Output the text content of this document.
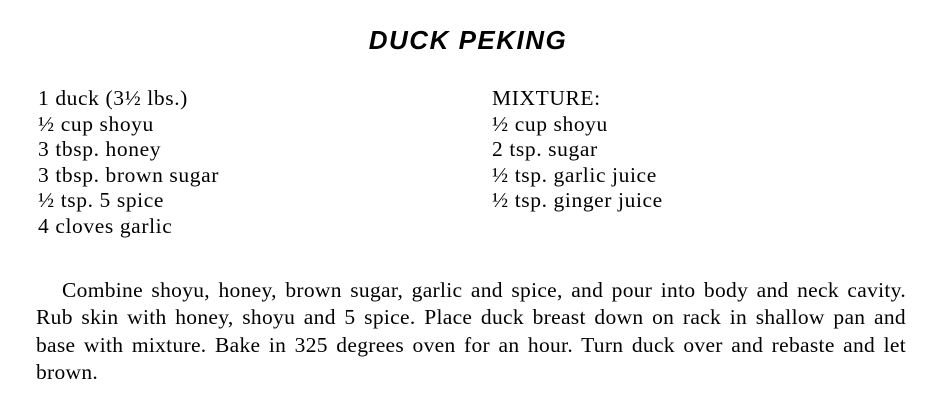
DUCK PEKING
1 duck (3½ lbs.)
½ cup shoyu
3 tbsp. honey
3 tbsp. brown sugar
½ tsp. 5 spice
4 cloves garlic
MIXTURE:
½ cup shoyu
2 tsp. sugar
½ tsp. garlic juice
½ tsp. ginger juice

Combine shoyu, honey, brown sugar, garlic and spice, and pour into body and neck cavity. Rub skin with honey, shoyu and 5 spice. Place duck breast down on rack in shallow pan and base with mixture. Bake in 325 degrees oven for an hour. Turn duck over and rebaste and let brown.
